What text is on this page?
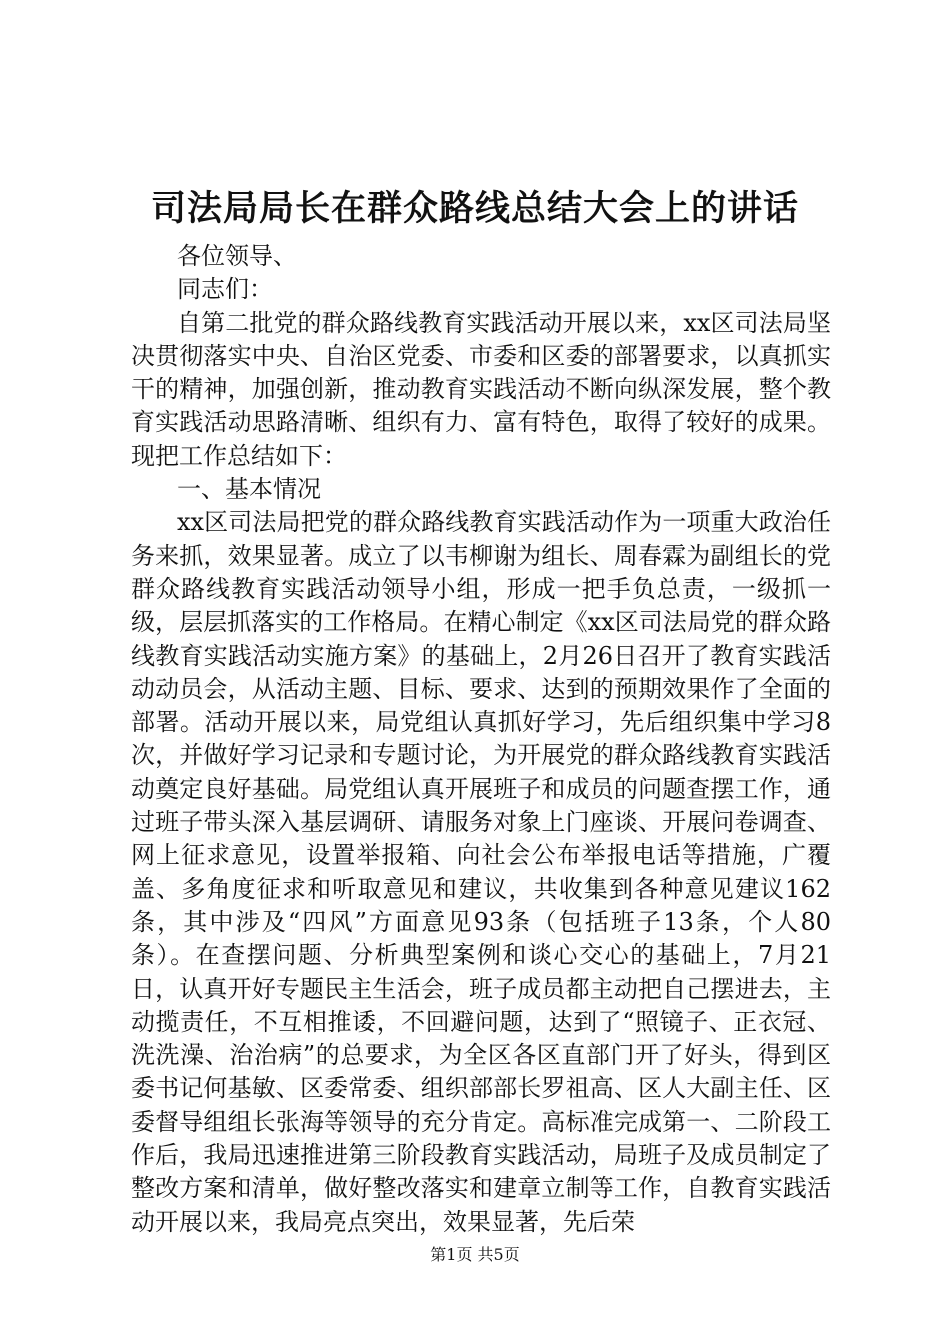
司法局局长在群众路线总结大会上的讲话

各位领导、

同志们：

自第二批党的群众路线教育实践活动开展以来，xx区司法局坚决贯彻落实中央、自治区党委、市委和区委的部署要求，以真抓实干的精神，加强创新，推动教育实践活动不断向纵深发展，整个教育实践活动思路清晰、组织有力、富有特色，取得了较好的成果。现把工作总结如下：

一、基本情况

xx区司法局把党的群众路线教育实践活动作为一项重大政治任务来抓，效果显著。成立了以韦柳谢为组长、周春霖为副组长的党群众路线教育实践活动领导小组，形成一把手负总责，一级抓一级，层层抓落实的工作格局。在精心制定《xx区司法局党的群众路线教育实践活动实施方案》的基础上，2月26日召开了教育实践活动动员会，从活动主题、目标、要求、达到的预期效果作了全面的部署。活动开展以来，局党组认真抓好学习，先后组织集中学习8次，并做好学习记录和专题讨论，为开展党的群众路线教育实践活动奠定良好基础。局党组认真开展班子和成员的问题查摆工作，通过班子带头深入基层调研、请服务对象上门座谈、开展问卷调查、网上征求意见，设置举报箱、向社会公布举报电话等措施，广覆盖、多角度征求和听取意见和建议，共收集到各种意见建议162条，其中涉及“四风”方面意见93条（包括班子13条，个人80条）。在查摆问题、分析典型案例和谈心交心的基础上，7月21日，认真开好专题民主生活会，班子成员都主动把自己摆进去，主动揽责任，不互相推诿，不回避问题，达到了“照镜子、正衣冠、洗洗澡、治治病”的总要求，为全区各区直部门开了好头，得到区委书记何基敏、区委常委、组织部部长罗祖高、区人大副主任、区委督导组组长张海等领导的充分肯定。高标准完成第一、二阶段工作后，我局迅速推进第三阶段教育实践活动，局班子及成员制定了整改方案和清单，做好整改落实和建章立制等工作，自教育实践活动开展以来，我局亮点突出，效果显著，先后荣

第1页 共5页
